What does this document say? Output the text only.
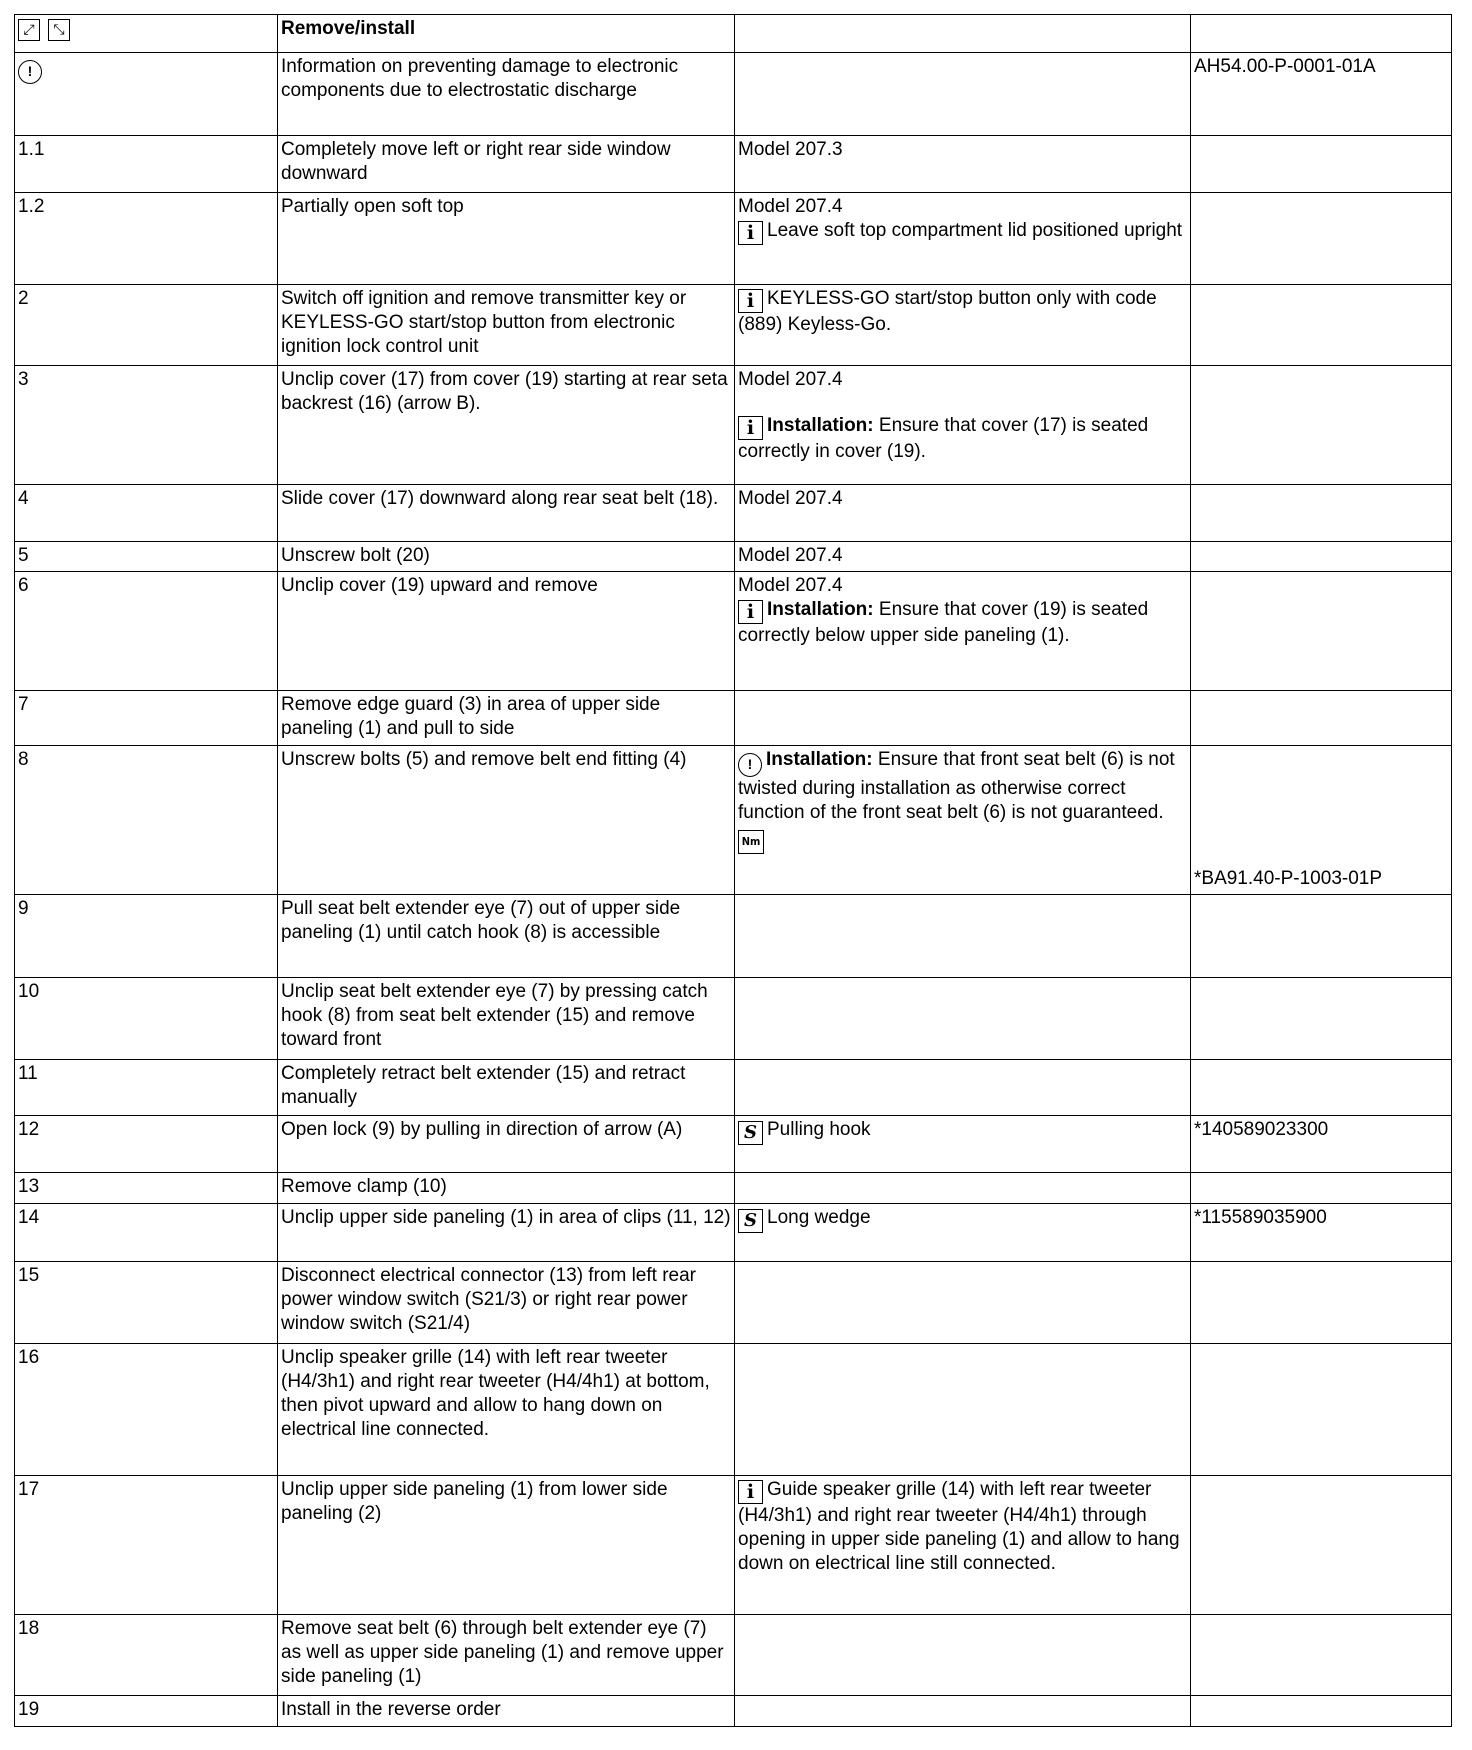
⤢ ⤡	Remove/install		
!	Information on preventing damage to electronic components due to electrostatic discharge		AH54.00-P-0001-01A
1.1	Completely move left or right rear side window downward	Model 207.3	
1.2	Partially open soft top	Model 207.4
i Leave soft top compartment lid positioned upright	
2	Switch off ignition and remove transmitter key or KEYLESS-GO start/stop button from electronic ignition lock control unit	i KEYLESS-GO start/stop button only with code (889) Keyless-Go.	
3	Unclip cover (17) from cover (19) starting at rear seta backrest (16) (arrow B).	Model 207.4
i Installation: Ensure that cover (17) is seated correctly in cover (19).	
4	Slide cover (17) downward along rear seat belt (18).	Model 207.4	
5	Unscrew bolt (20)	Model 207.4	
6	Unclip cover (19) upward and remove	Model 207.4
i Installation: Ensure that cover (19) is seated correctly below upper side paneling (1).	
7	Remove edge guard (3) in area of upper side paneling (1) and pull to side		
8	Unscrew bolts (5) and remove belt end fitting (4)	! Installation: Ensure that front seat belt (6) is not twisted during installation as otherwise correct function of the front seat belt (6) is not guaranteed.
Nm	*BA91.40-P-1003-01P
9	Pull seat belt extender eye (7) out of upper side paneling (1) until catch hook (8) is accessible		
10	Unclip seat belt extender eye (7) by pressing catch hook (8) from seat belt extender (15) and remove toward front		
11	Completely retract belt extender (15) and retract manually		
12	Open lock (9) by pulling in direction of arrow (A)	S Pulling hook	*140589023300
13	Remove clamp (10)		
14	Unclip upper side paneling (1) in area of clips (11, 12)	S Long wedge	*115589035900
15	Disconnect electrical connector (13) from left rear power window switch (S21/3) or right rear power window switch (S21/4)		
16	Unclip speaker grille (14) with left rear tweeter (H4/3h1) and right rear tweeter (H4/4h1) at bottom, then pivot upward and allow to hang down on electrical line connected.		
17	Unclip upper side paneling (1) from lower side paneling (2)	i Guide speaker grille (14) with left rear tweeter (H4/3h1) and right rear tweeter (H4/4h1) through opening in upper side paneling (1) and allow to hang down on electrical line still connected.	
18	Remove seat belt (6) through belt extender eye (7) as well as upper side paneling (1) and remove upper side paneling (1)		
19	Install in the reverse order		
